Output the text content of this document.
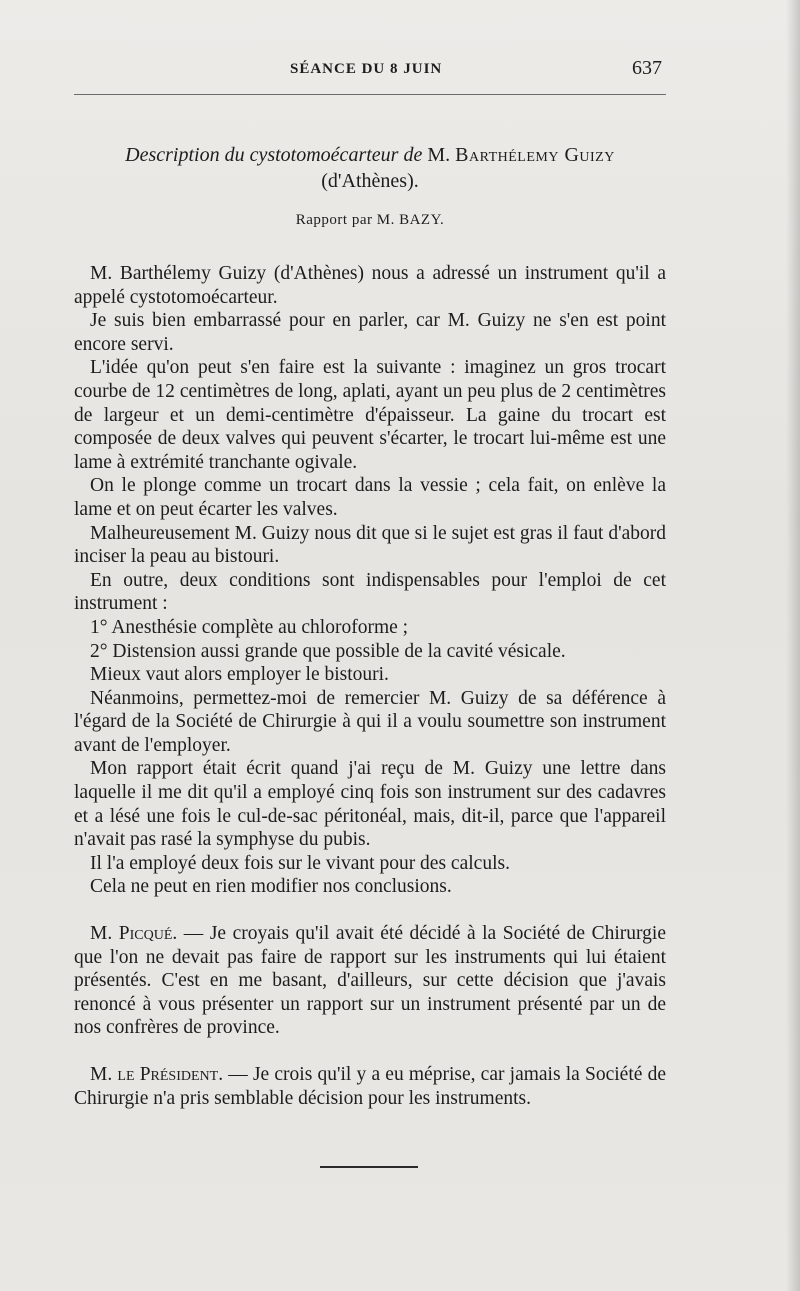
SÉANCE DU 8 JUIN	637
Description du cystotomoécarteur de M. Barthélemy Guizy
(d'Athènes).
Rapport par M. BAZY.

M. Barthélemy Guizy (d'Athènes) nous a adressé un instrument qu'il a appelé cystotomoécarteur.

Je suis bien embarrassé pour en parler, car M. Guizy ne s'en est point encore servi.

L'idée qu'on peut s'en faire est la suivante : imaginez un gros trocart courbe de 12 centimètres de long, aplati, ayant un peu plus de 2 centimètres de largeur et un demi-centimètre d'épaisseur. La gaine du trocart est composée de deux valves qui peuvent s'écarter, le trocart lui-même est une lame à extrémité tranchante ogivale.

On le plonge comme un trocart dans la vessie ; cela fait, on enlève la lame et on peut écarter les valves.

Malheureusement M. Guizy nous dit que si le sujet est gras il faut d'abord inciser la peau au bistouri.

En outre, deux conditions sont indispensables pour l'emploi de cet instrument :

1° Anesthésie complète au chloroforme ;

2° Distension aussi grande que possible de la cavité vésicale.

Mieux vaut alors employer le bistouri.

Néanmoins, permettez-moi de remercier M. Guizy de sa déférence à l'égard de la Société de Chirurgie à qui il a voulu soumettre son instrument avant de l'employer.

Mon rapport était écrit quand j'ai reçu de M. Guizy une lettre dans laquelle il me dit qu'il a employé cinq fois son instrument sur des cadavres et a lésé une fois le cul-de-sac péritonéal, mais, dit-il, parce que l'appareil n'avait pas rasé la symphyse du pubis.

Il l'a employé deux fois sur le vivant pour des calculs.

Cela ne peut en rien modifier nos conclusions.

M. Picqué. — Je croyais qu'il avait été décidé à la Société de Chirurgie que l'on ne devait pas faire de rapport sur les instruments qui lui étaient présentés. C'est en me basant, d'ailleurs, sur cette décision que j'avais renoncé à vous présenter un rapport sur un instrument présenté par un de nos confrères de province.

M. le Président. — Je crois qu'il y a eu méprise, car jamais la Société de Chirurgie n'a pris semblable décision pour les instruments.
